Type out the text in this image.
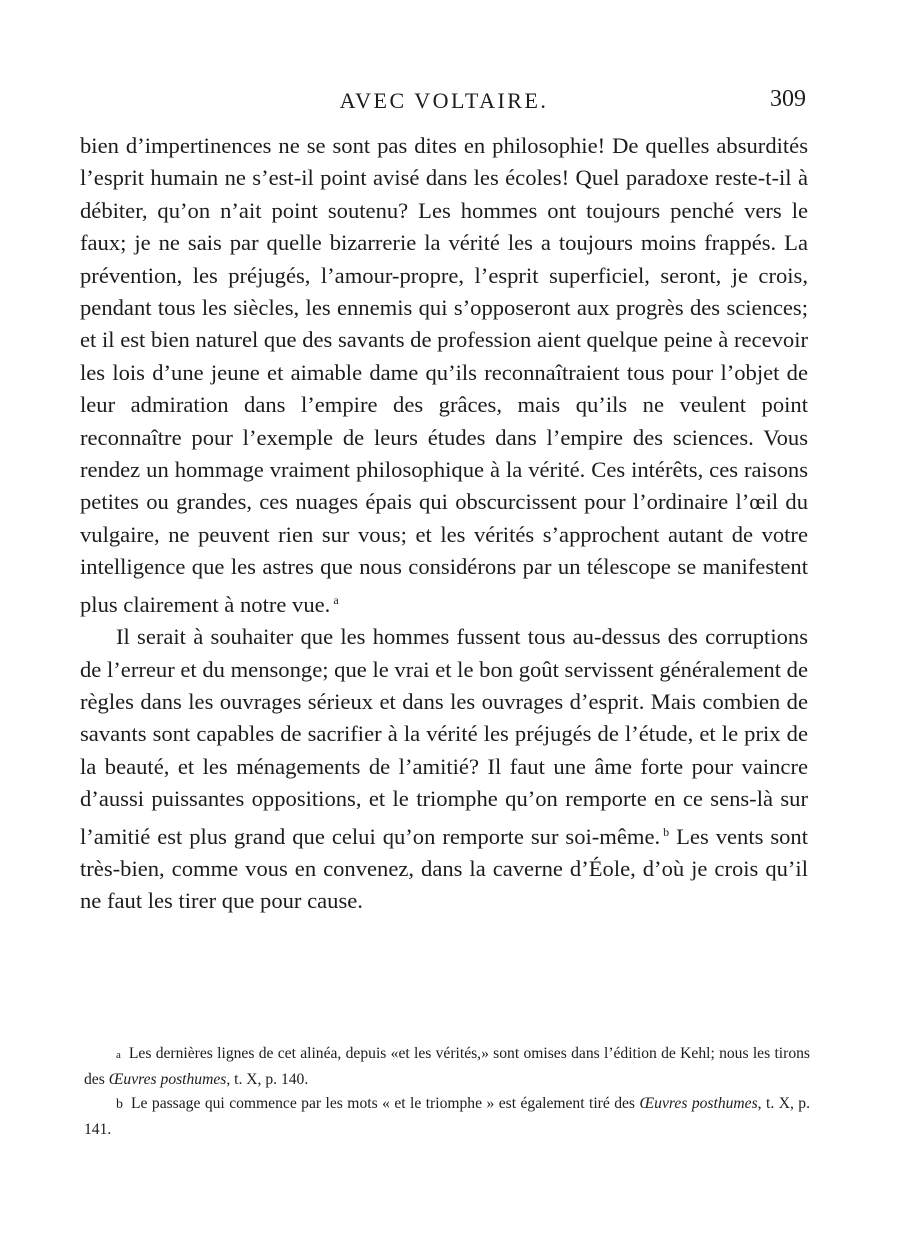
AVEC VOLTAIRE.	309

bien d’impertinences ne se sont pas dites en philosophie! De quelles absurdités l’esprit humain ne s’est-il point avisé dans les écoles! Quel paradoxe reste-t-il à débiter, qu’on n’ait point soutenu? Les hommes ont toujours penché vers le faux; je ne sais par quelle bizarrerie la vérité les a toujours moins frappés. La prévention, les préjugés, l’amour-propre, l’esprit superficiel, seront, je crois, pendant tous les siècles, les ennemis qui s’opposeront aux progrès des sciences; et il est bien naturel que des savants de profession aient quelque peine à recevoir les lois d’une jeune et aimable dame qu’ils reconnaîtraient tous pour l’objet de leur admiration dans l’empire des grâces, mais qu’ils ne veulent point reconnaître pour l’exemple de leurs études dans l’empire des sciences. Vous rendez un hommage vraiment philosophique à la vérité. Ces intérêts, ces raisons petites ou grandes, ces nuages épais qui obscurcissent pour l’ordinaire l’œil du vulgaire, ne peuvent rien sur vous; et les vérités s’approchent autant de votre intelligence que les astres que nous considérons par un télescope se manifestent plus clairement à notre vue. $^a$

Il serait à souhaiter que les hommes fussent tous au-dessus des corruptions de l’erreur et du mensonge; que le vrai et le bon goût servissent généralement de règles dans les ouvrages sérieux et dans les ouvrages d’esprit. Mais combien de savants sont capables de sacrifier à la vérité les préjugés de l’étude, et le prix de la beauté, et les ménagements de l’amitié? Il faut une âme forte pour vaincre d’aussi puissantes oppositions, et le triomphe qu’on remporte en ce sens-là sur l’amitié est plus grand que celui qu’on remporte sur soi-même. $^b$ Les vents sont très-bien, comme vous en convenez, dans la caverne d’Éole, d’où je crois qu’il ne faut les tirer que pour cause.

a Les dernières lignes de cet alinéa, depuis «et les vérités,» sont omises dans l’édition de Kehl; nous les tirons des Œuvres posthumes, t. X, p. 140.

b Le passage qui commence par les mots « et le triomphe » est également tiré des Œuvres posthumes, t. X, p. 141.
